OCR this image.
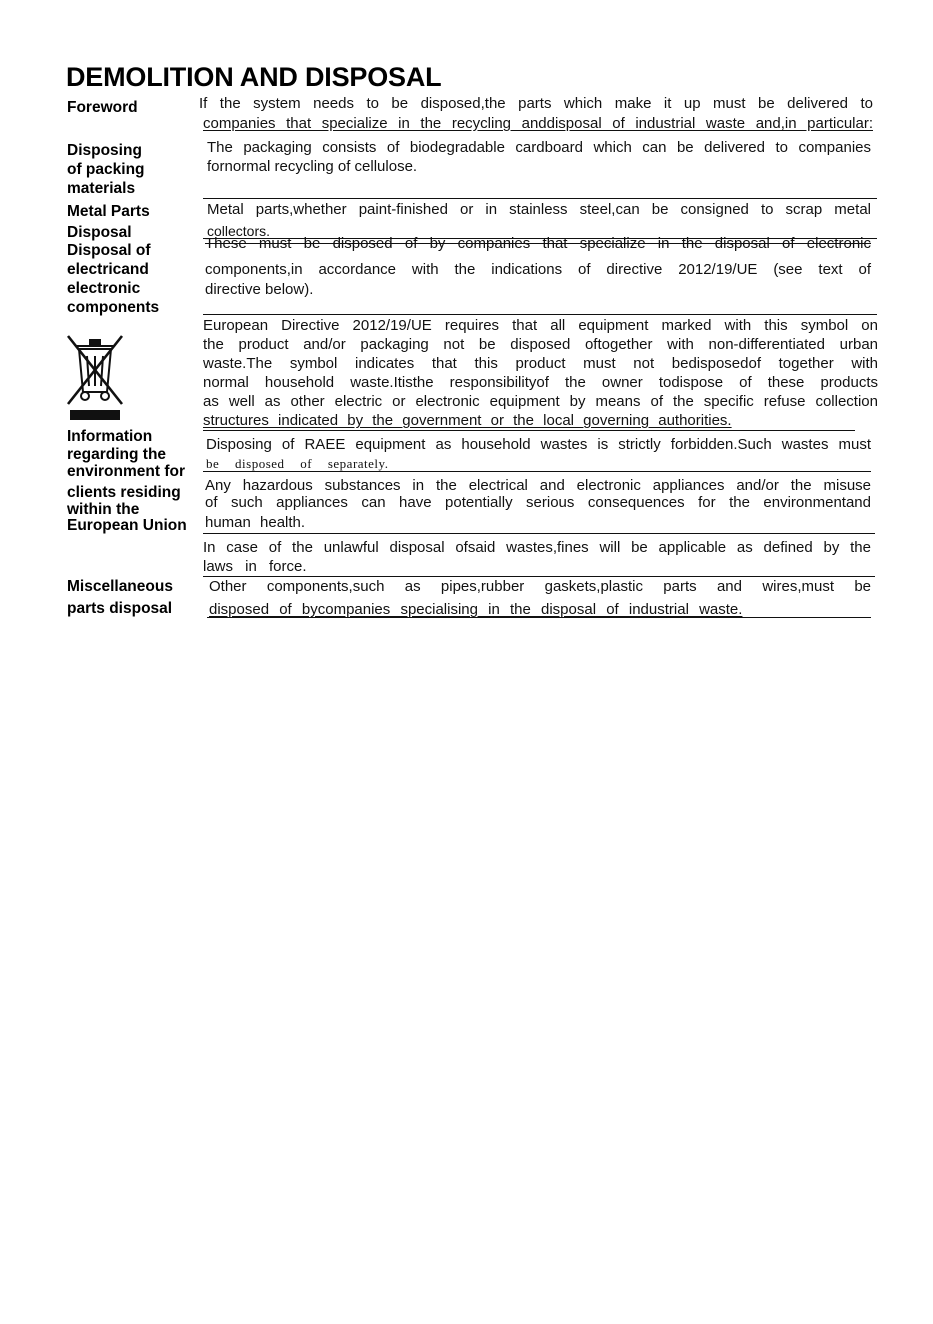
DEMOLITION AND DISPOSAL
Foreword	If the system needs to be disposed,the parts which make it up must be delivered to
companies that specialize in the recycling anddisposal of industrial waste and,in particular:
Disposing
of packing
materials
The packaging consists of biodegradable cardboard which can be delivered to companies
fornormal recycling of cellulose.
Metal Parts	Metal parts,whether paint-finished or in stainless steel,can be consigned to scrap metal
collectors.
Disposal
Disposal of
electricand
electronic
components
These must be disposed of by companies that specialize in the disposal of electronic
components,in accordance with the indications of directive 2012/19/UE (see text of
directive below).
Information
regarding the
environment for
clients residing
within the
European Union
European Directive 2012/19/UE requires that all equipment marked with this symbol on
the product and/or packaging not be disposed oftogether with non-differentiated urban
waste.The symbol indicates that this product must not bedisposedof together with
normal household waste.Itisthe responsibilityof the owner todispose of these products
as well as other electric or electronic equipment by means of the specific refuse collection
structures indicated by the government or the local governing authorities.
Disposing of RAEE equipment as household wastes is strictly forbidden.Such wastes must
be disposed of separately.
Any hazardous substances in the electrical and electronic appliances and/or the misuse
of such appliances can have potentially serious consequences for the environmentand
human health.
In case of the unlawful disposal ofsaid wastes,fines will be applicable as defined by the
laws in force.
Miscellaneous
parts disposal
Other components,such as pipes,rubber gaskets,plastic parts and wires,must be
disposed of bycompanies specialising in the disposal of industrial waste.
